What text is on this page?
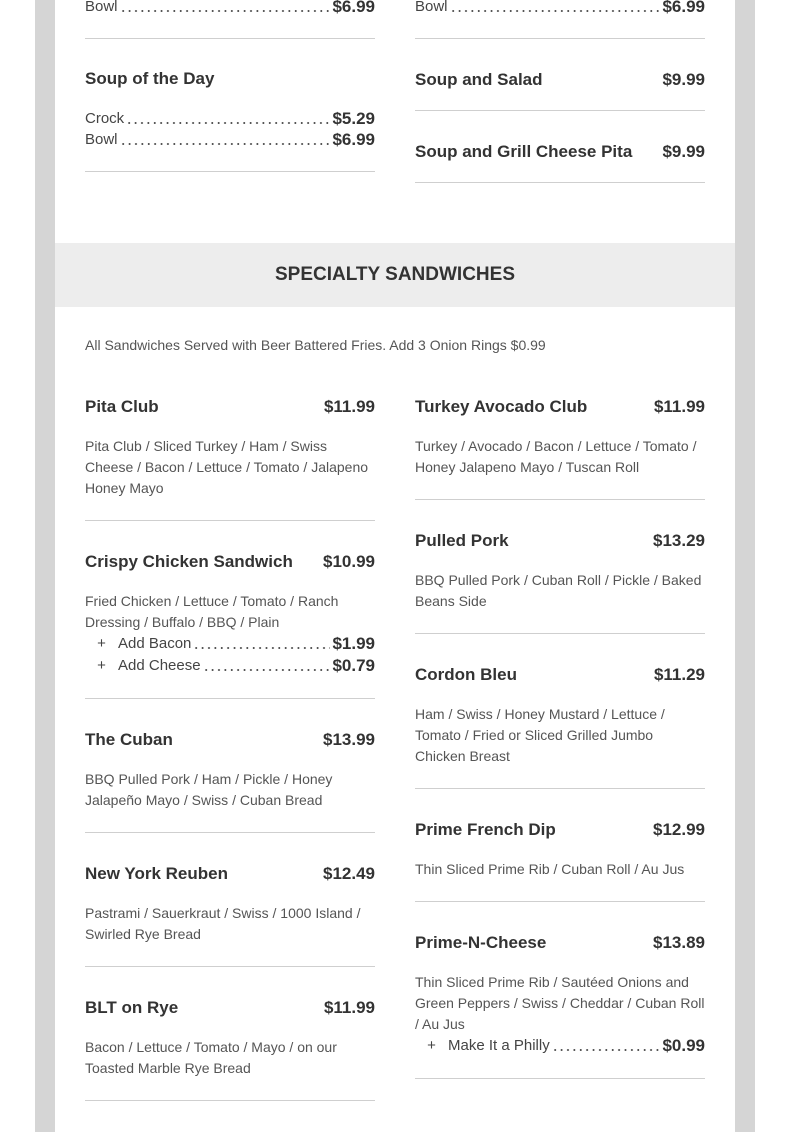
Bowl	$6.99	Bowl	$6.99
Soup of the Day
Crock	$5.29
Bowl	$6.99
Soup and Salad	$9.99
Soup and Grill Cheese Pita	$9.99
SPECIALTY SANDWICHES
All Sandwiches Served with Beer Battered Fries. Add 3 Onion Rings $0.99
Pita Club	$11.99
Pita Club / Sliced Turkey / Ham / Swiss Cheese / Bacon / Lettuce / Tomato / Jalapeno Honey Mayo
Crispy Chicken Sandwich	$10.99
Fried Chicken / Lettuce / Tomato / Ranch Dressing / Buffalo / BBQ / Plain
+ Add Bacon	$1.99
+ Add Cheese	$0.79
The Cuban	$13.99
BBQ Pulled Pork / Ham / Pickle / Honey Jalapeño Mayo / Swiss / Cuban Bread
New York Reuben	$12.49
Pastrami / Sauerkraut / Swiss / 1000 Island / Swirled Rye Bread
BLT on Rye	$11.99
Bacon / Lettuce / Tomato / Mayo / on our Toasted Marble Rye Bread
Turkey Avocado Club	$11.99
Turkey / Avocado / Bacon / Lettuce / Tomato / Honey Jalapeno Mayo / Tuscan Roll
Pulled Pork	$13.29
BBQ Pulled Pork / Cuban Roll / Pickle / Baked Beans Side
Cordon Bleu	$11.29
Ham / Swiss / Honey Mustard / Lettuce / Tomato / Fried or Sliced Grilled Jumbo Chicken Breast
Prime French Dip	$12.99
Thin Sliced Prime Rib / Cuban Roll / Au Jus
Prime-N-Cheese	$13.89
Thin Sliced Prime Rib / Sautéed Onions and Green Peppers / Swiss / Cheddar / Cuban Roll / Au Jus
+ Make It a Philly	$0.99
